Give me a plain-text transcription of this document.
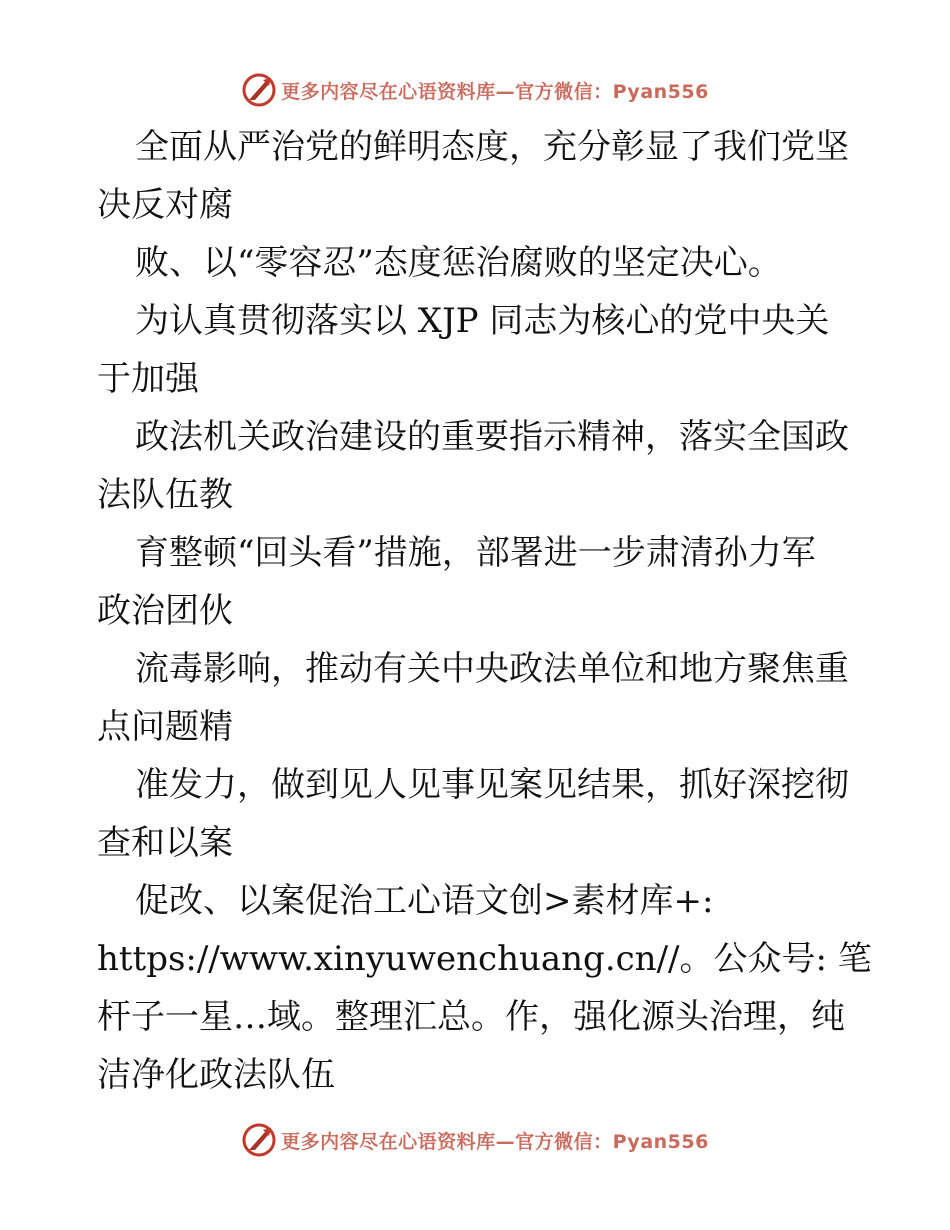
更多内容尽在心语资料库—官方微信：Pyan556
全面从严治党的鲜明态度，充分彰显了我们党坚
决反对腐
败、以“零容忍”态度惩治腐败的坚定决心。
为认真贯彻落实以 XJP 同志为核心的党中央关
于加强
政法机关政治建设的重要指示精神，落实全国政
法队伍教
育整顿“回头看”措施，部署进一步肃清孙力军
政治团伙
流毒影响，推动有关中央政法单位和地方聚焦重
点问题精
准发力，做到见人见事见案见结果，抓好深挖彻
查和以案
促改、以案促治工心语文创>素材库+:
https://www.xinyuwenchuang.cn//。公众号: 笔
杆子一星…域。整理汇总。作，强化源头治理，纯
洁净化政法队伍
更多内容尽在心语资料库—官方微信：Pyan556
